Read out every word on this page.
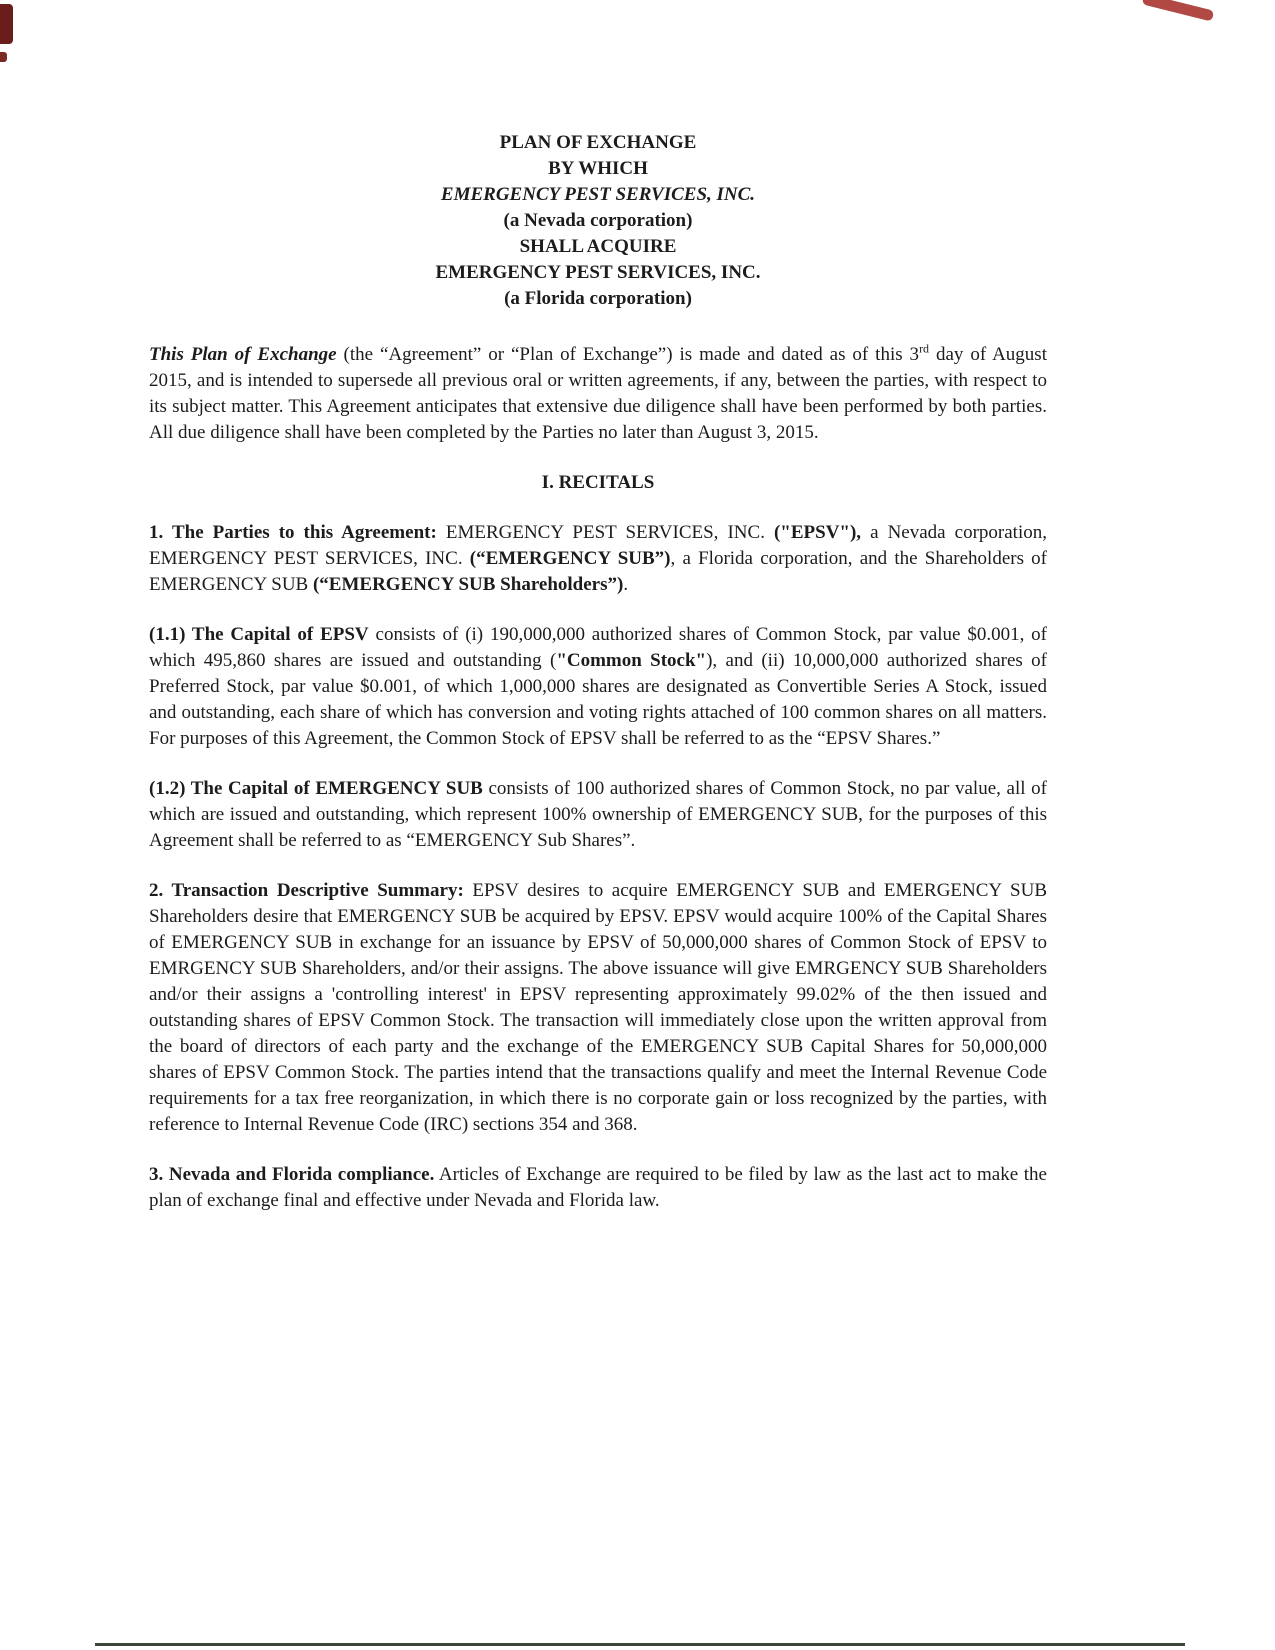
PLAN OF EXCHANGE
BY WHICH
EMERGENCY PEST SERVICES, INC.
(a Nevada corporation)
SHALL ACQUIRE
EMERGENCY PEST SERVICES, INC.
(a Florida corporation)

This Plan of Exchange (the “Agreement” or “Plan of Exchange”) is made and dated as of this 3rd day of August 2015, and is intended to supersede all previous oral or written agreements, if any, between the parties, with respect to its subject matter. This Agreement anticipates that extensive due diligence shall have been performed by both parties. All due diligence shall have been completed by the Parties no later than August 3, 2015.

I. RECITALS

1. The Parties to this Agreement: EMERGENCY PEST SERVICES, INC. ("EPSV"), a Nevada corporation, EMERGENCY PEST SERVICES, INC. (“EMERGENCY SUB”), a Florida corporation, and the Shareholders of EMERGENCY SUB (“EMERGENCY SUB Shareholders”).

(1.1) The Capital of EPSV consists of (i) 190,000,000 authorized shares of Common Stock, par value $0.001, of which 495,860 shares are issued and outstanding ("Common Stock"), and (ii) 10,000,000 authorized shares of Preferred Stock, par value $0.001, of which 1,000,000 shares are designated as Convertible Series A Stock, issued and outstanding, each share of which has conversion and voting rights attached of 100 common shares on all matters. For purposes of this Agreement, the Common Stock of EPSV shall be referred to as the “EPSV Shares.”

(1.2) The Capital of EMERGENCY SUB consists of 100 authorized shares of Common Stock, no par value, all of which are issued and outstanding, which represent 100% ownership of EMERGENCY SUB, for the purposes of this Agreement shall be referred to as “EMERGENCY Sub Shares”.

2. Transaction Descriptive Summary: EPSV desires to acquire EMERGENCY SUB and EMERGENCY SUB Shareholders desire that EMERGENCY SUB be acquired by EPSV. EPSV would acquire 100% of the Capital Shares of EMERGENCY SUB in exchange for an issuance by EPSV of 50,000,000 shares of Common Stock of EPSV to EMRGENCY SUB Shareholders, and/or their assigns. The above issuance will give EMRGENCY SUB Shareholders and/or their assigns a 'controlling interest' in EPSV representing approximately 99.02% of the then issued and outstanding shares of EPSV Common Stock. The transaction will immediately close upon the written approval from the board of directors of each party and the exchange of the EMERGENCY SUB Capital Shares for 50,000,000 shares of EPSV Common Stock. The parties intend that the transactions qualify and meet the Internal Revenue Code requirements for a tax free reorganization, in which there is no corporate gain or loss recognized by the parties, with reference to Internal Revenue Code (IRC) sections 354 and 368.

3. Nevada and Florida compliance. Articles of Exchange are required to be filed by law as the last act to make the plan of exchange final and effective under Nevada and Florida law.
